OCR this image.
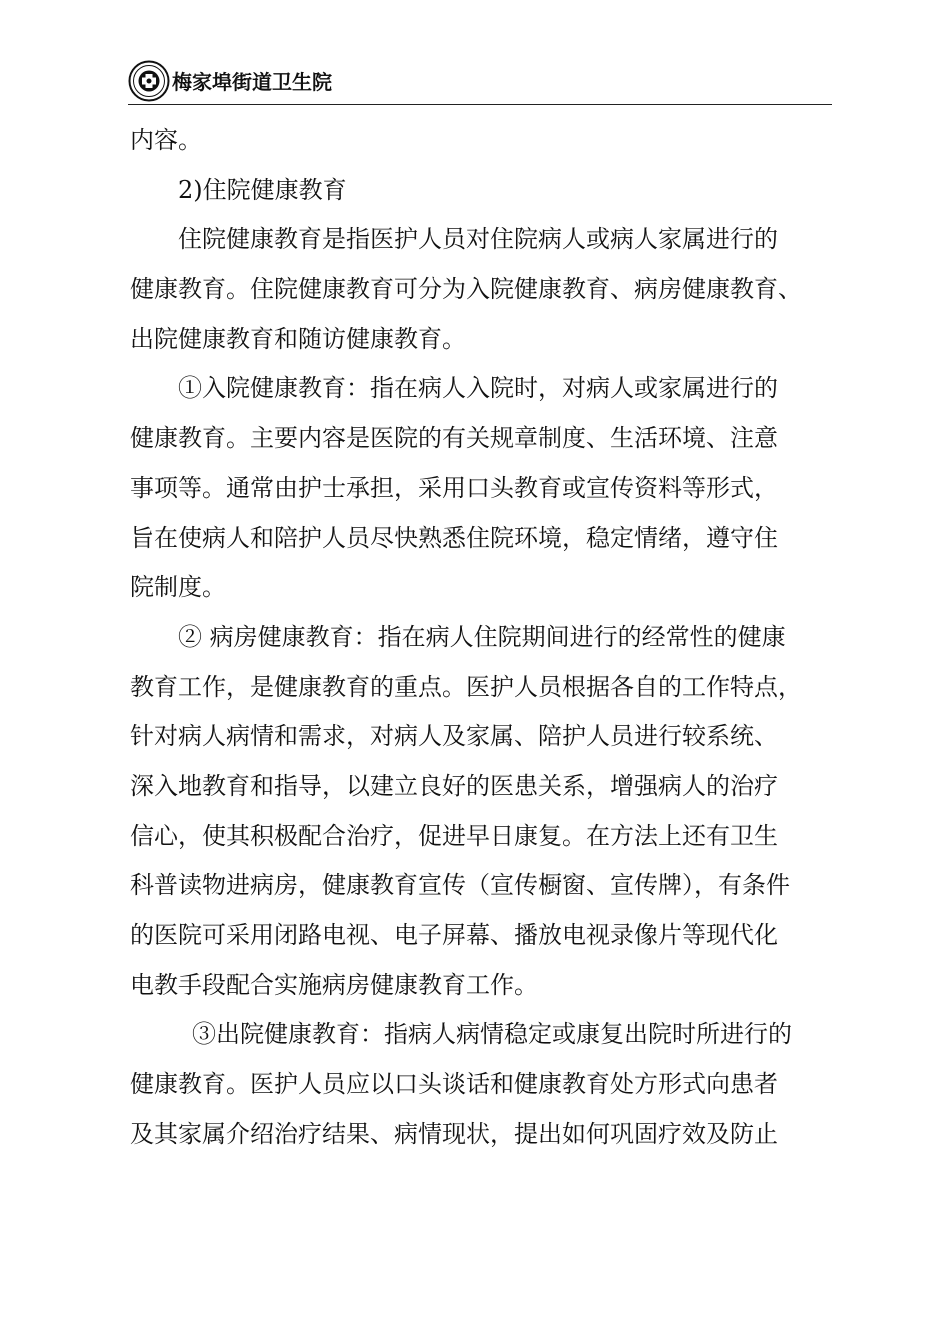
梅家埠街道卫生院
内容。
2)住院健康教育
住院健康教育是指医护人员对住院病人或病人家属进行的
健康教育。住院健康教育可分为入院健康教育、病房健康教育、
出院健康教育和随访健康教育。
①入院健康教育：指在病人入院时，对病人或家属进行的
健康教育。主要内容是医院的有关规章制度、生活环境、注意
事项等。通常由护士承担，采用口头教育或宣传资料等形式，
旨在使病人和陪护人员尽快熟悉住院环境，稳定情绪，遵守住
院制度。
② 病房健康教育：指在病人住院期间进行的经常性的健康
教育工作，是健康教育的重点。医护人员根据各自的工作特点，
针对病人病情和需求，对病人及家属、陪护人员进行较系统、
深入地教育和指导，以建立良好的医患关系，增强病人的治疗
信心，使其积极配合治疗，促进早日康复。在方法上还有卫生
科普读物进病房，健康教育宣传（宣传橱窗、宣传牌），有条件
的医院可采用闭路电视、电子屏幕、播放电视录像片等现代化
电教手段配合实施病房健康教育工作。
③出院健康教育：指病人病情稳定或康复出院时所进行的
健康教育。医护人员应以口头谈话和健康教育处方形式向患者
及其家属介绍治疗结果、病情现状，提出如何巩固疗效及防止
